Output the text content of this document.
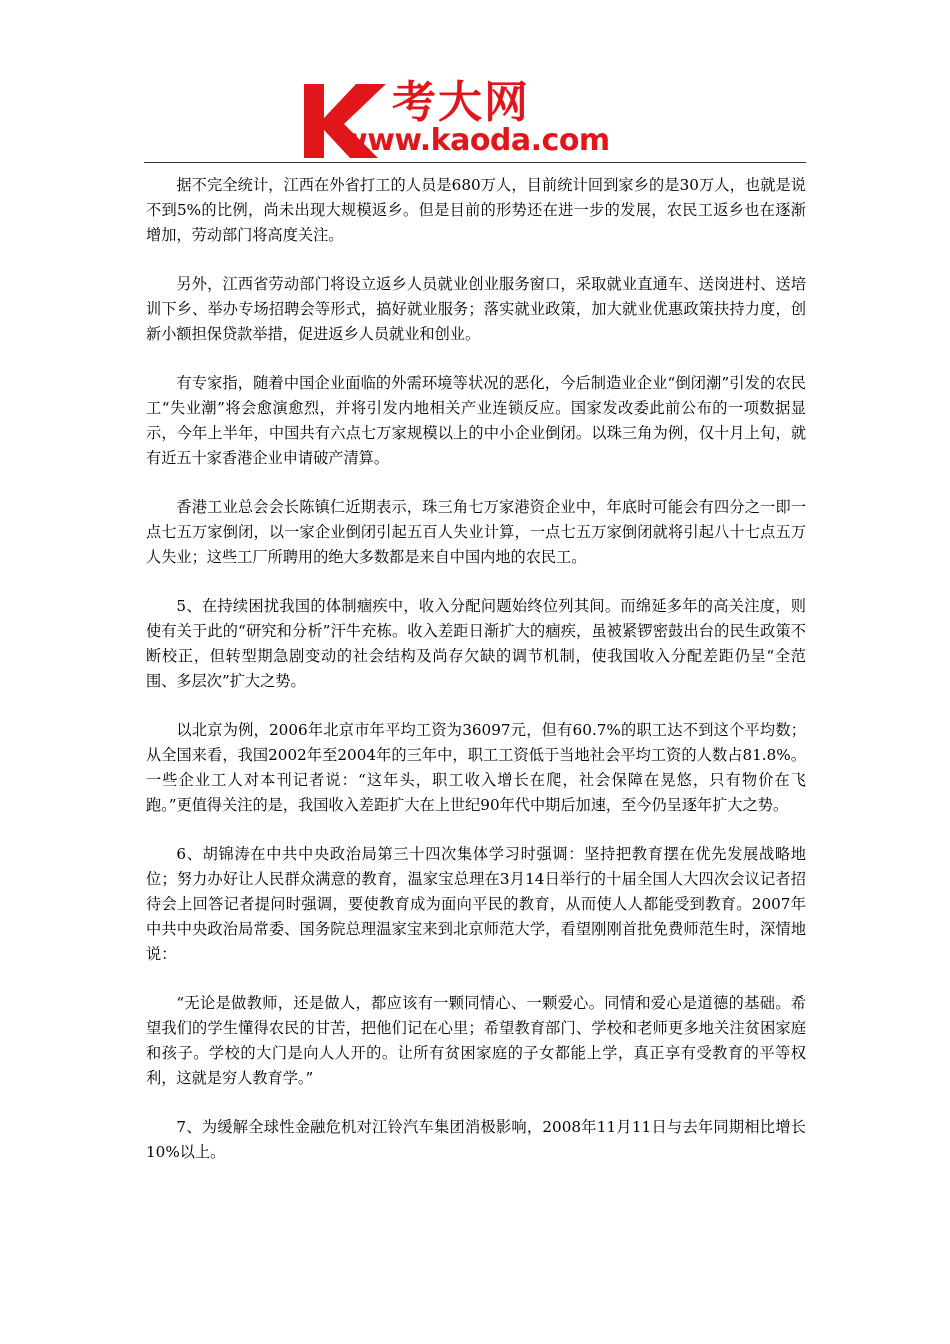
考大网
www.kaoda.com

据不完全统计，江西在外省打工的人员是680万人，目前统计回到家乡的是30万人，也就是说不到5%的比例，尚未出现大规模返乡。但是目前的形势还在进一步的发展，农民工返乡也在逐渐增加，劳动部门将高度关注。

另外，江西省劳动部门将设立返乡人员就业创业服务窗口，采取就业直通车、送岗进村、送培训下乡、举办专场招聘会等形式，搞好就业服务；落实就业政策，加大就业优惠政策扶持力度，创新小额担保贷款举措，促进返乡人员就业和创业。

有专家指，随着中国企业面临的外需环境等状况的恶化，今后制造业企业“倒闭潮”引发的农民工“失业潮”将会愈演愈烈，并将引发内地相关产业连锁反应。国家发改委此前公布的一项数据显示，今年上半年，中国共有六点七万家规模以上的中小企业倒闭。以珠三角为例，仅十月上旬，就有近五十家香港企业申请破产清算。

香港工业总会会长陈镇仁近期表示，珠三角七万家港资企业中，年底时可能会有四分之一即一点七五万家倒闭，以一家企业倒闭引起五百人失业计算，一点七五万家倒闭就将引起八十七点五万人失业；这些工厂所聘用的绝大多数都是来自中国内地的农民工。

5、在持续困扰我国的体制痼疾中，收入分配问题始终位列其间。而绵延多年的高关注度，则使有关于此的“研究和分析”汗牛充栋。收入差距日渐扩大的痼疾，虽被紧锣密鼓出台的民生政策不断校正，但转型期急剧变动的社会结构及尚存欠缺的调节机制，使我国收入分配差距仍呈“全范围、多层次”扩大之势。

以北京为例，2006年北京市年平均工资为36097元，但有60.7%的职工达不到这个平均数；从全国来看，我国2002年至2004年的三年中，职工工资低于当地社会平均工资的人数占81.8%。一些企业工人对本刊记者说：“这年头，职工收入增长在爬，社会保障在晃悠，只有物价在飞跑。”更值得关注的是，我国收入差距扩大在上世纪90年代中期后加速，至今仍呈逐年扩大之势。

6、胡锦涛在中共中央政治局第三十四次集体学习时强调：坚持把教育摆在优先发展战略地位；努力办好让人民群众满意的教育，温家宝总理在3月14日举行的十届全国人大四次会议记者招待会上回答记者提问时强调，要使教育成为面向平民的教育，从而使人人都能受到教育。2007年中共中央政治局常委、国务院总理温家宝来到北京师范大学，看望刚刚首批免费师范生时，深情地说：

“无论是做教师，还是做人，都应该有一颗同情心、一颗爱心。同情和爱心是道德的基础。希望我们的学生懂得农民的甘苦，把他们记在心里；希望教育部门、学校和老师更多地关注贫困家庭和孩子。学校的大门是向人人开的。让所有贫困家庭的子女都能上学，真正享有受教育的平等权利，这就是穷人教育学。”

7、为缓解全球性金融危机对江铃汽车集团消极影响，2008年11月11日与去年同期相比增长10%以上。
